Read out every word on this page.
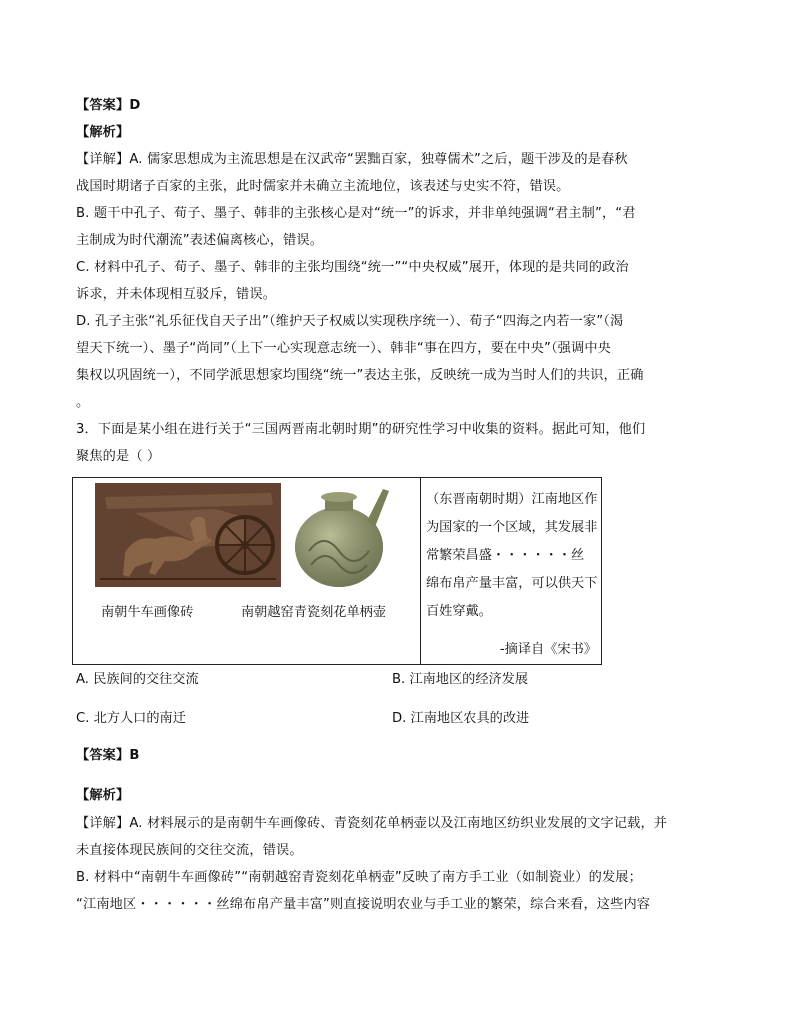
【答案】D
【解析】
【详解】A. 儒家思想成为主流思想是在汉武帝“罢黜百家，独尊儒术”之后，题干涉及的是春秋
战国时期诸子百家的主张，此时儒家并未确立主流地位，该表述与史实不符，错误。
B. 题干中孔子、荀子、墨子、韩非的主张核心是对“统一”的诉求，并非单纯强调“君主制”，“君
主制成为时代潮流”表述偏离核心，错误。
C. 材料中孔子、荀子、墨子、韩非的主张均围绕“统一”“中央权威”展开，体现的是共同的政治
诉求，并未体现相互驳斥，错误。
D. 孔子主张“礼乐征伐自天子出”（维护天子权威以实现秩序统一）、荀子“四海之内若一家”（渴
望天下统一）、墨子“尚同”（上下一心实现意志统一）、韩非“事在四方，要在中央”（强调中央
集权以巩固统一），不同学派思想家均围绕“统一”表达主张，反映统一成为当时人们的共识，正确
。
3．下面是某小组在进行关于“三国两晋南北朝时期”的研究性学习中收集的资料。据此可知，他们
聚焦的是（ ）
南朝牛车画像砖	南朝越窑青瓷刻花单柄壶
（东晋南朝时期）江南地区作
为国家的一个区域，其发展非
常繁荣昌盛・・・・・・丝
绵布帛产量丰富，可以供天下
百姓穿戴。
-摘译自《宋书》
A. 民族间的交往交流	B. 江南地区的经济发展
C. 北方人口的南迁	D. 江南地区农具的改进
【答案】B
【解析】
【详解】A. 材料展示的是南朝牛车画像砖、青瓷刻花单柄壶以及江南地区纺织业发展的文字记载，并
未直接体现民族间的交往交流，错误。
B. 材料中“南朝牛车画像砖”“南朝越窑青瓷刻花单柄壶”反映了南方手工业（如制瓷业）的发展；
“江南地区・・・・・・丝绵布帛产量丰富”则直接说明农业与手工业的繁荣，综合来看，这些内容
